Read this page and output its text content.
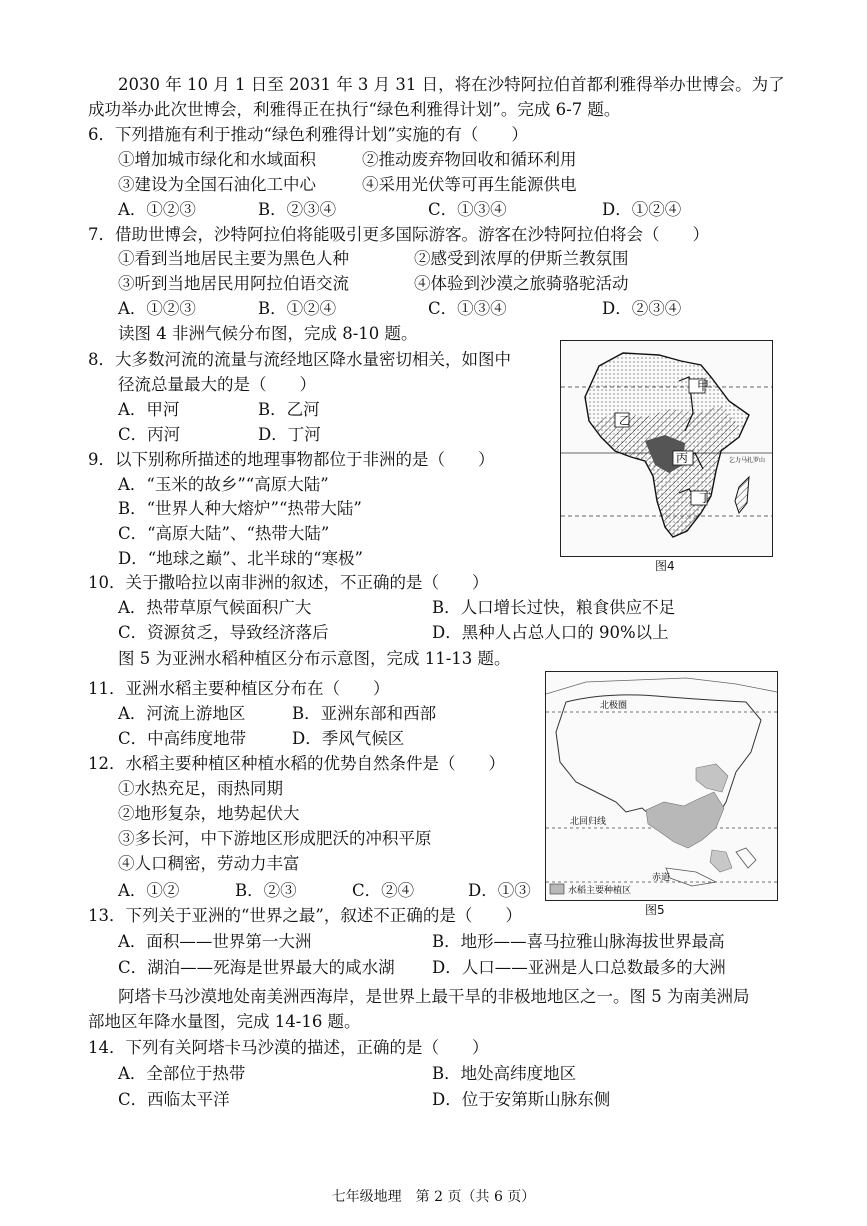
2030 年 10 月 1 日至 2031 年 3 月 31 日，将在沙特阿拉伯首都利雅得举办世博会。为了
成功举办此次世博会，利雅得正在执行“绿色利雅得计划”。完成 6-7 题。
6．下列措施有利于推动“绿色利雅得计划”实施的有（　　）
①增加城市绿化和水域面积	②推动废弃物回收和循环利用
③建设为全国石油化工中心	④采用光伏等可再生能源供电
A．①②③	B．②③④	C．①③④	D．①②④
7．借助世博会，沙特阿拉伯将能吸引更多国际游客。游客在沙特阿拉伯将会（　　）
①看到当地居民主要为黑色人种	②感受到浓厚的伊斯兰教氛围
③听到当地居民用阿拉伯语交流	④体验到沙漠之旅骑骆驼活动
A．①②③	B．①②④	C．①③④	D．②③④
读图 4 非洲气候分布图，完成 8-10 题。
8．大多数河流的流量与流经地区降水量密切相关，如图中
径流总量最大的是（　　）
A．甲河	B．乙河
C．丙河	D．丁河
9．以下别称所描述的地理事物都位于非洲的是（　　）
A．“玉米的故乡”“高原大陆”
B．“世界人种大熔炉”“热带大陆”
C．“高原大陆”、“热带大陆”
D．“地球之巅”、北半球的“寒极”
甲
乙
丙
丁
乞力马扎罗山
图4
10．关于撒哈拉以南非洲的叙述，不正确的是（　　）
A．热带草原气候面积广大	B．人口增长过快，粮食供应不足
C．资源贫乏，导致经济落后	D．黑种人占总人口的 90%以上
图 5 为亚洲水稻种植区分布示意图，完成 11-13 题。
11．亚洲水稻主要种植区分布在（　　）
A．河流上游地区	B．亚洲东部和西部
C．中高纬度地带	D．季风气候区
12．水稻主要种植区种植水稻的优势自然条件是（　　）
①水热充足，雨热同期
②地形复杂，地势起伏大
③多长河，中下游地区形成肥沃的冲积平原
④人口稠密，劳动力丰富
A．①②	B．②③	C．②④	D．①③
北极圈
北回归线
赤道
水稻主要种植区
图5
13．下列关于亚洲的“世界之最”，叙述不正确的是（　　）
A．面积——世界第一大洲	B．地形——喜马拉雅山脉海拔世界最高
C．湖泊——死海是世界最大的咸水湖 D．人口——亚洲是人口总数最多的大洲
阿塔卡马沙漠地处南美洲西海岸，是世界上最干旱的非极地地区之一。图 5 为南美洲局
部地区年降水量图，完成 14-16 题。
14．下列有关阿塔卡马沙漠的描述，正确的是（　　）
A．全部位于热带	B．地处高纬度地区
C．西临太平洋	D．位于安第斯山脉东侧
七年级地理　第 2 页（共 6 页）
